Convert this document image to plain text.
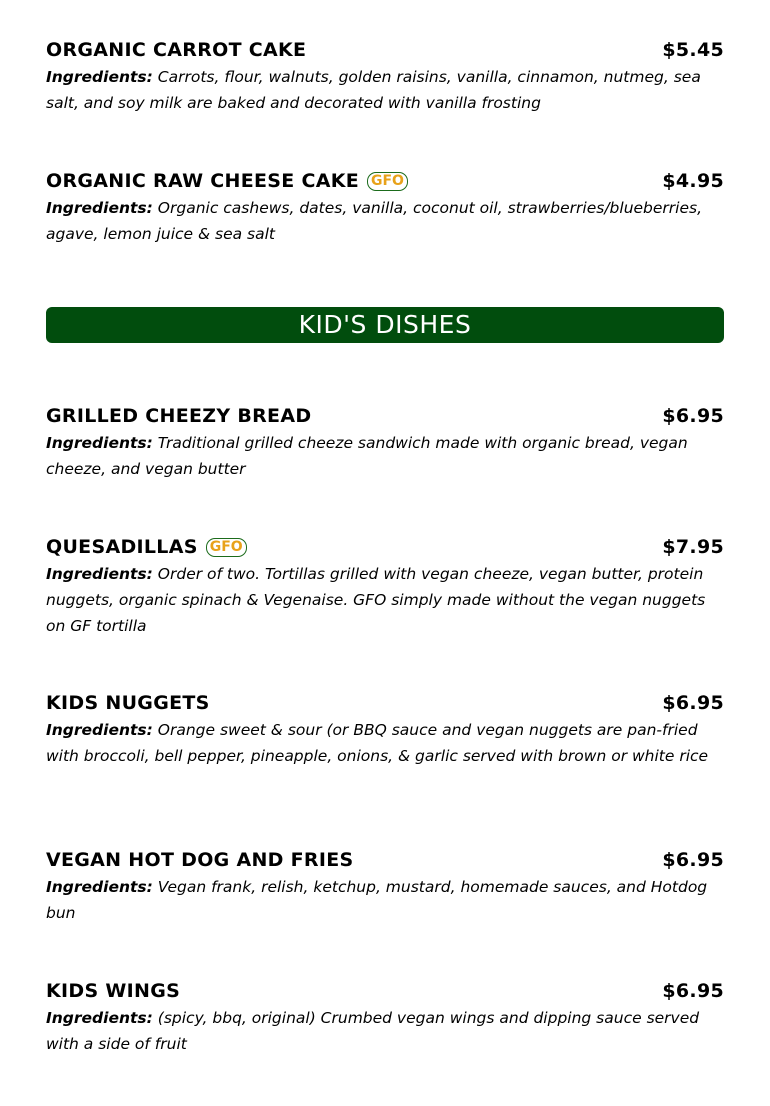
ORGANIC CARROT CAKE	$5.45
Ingredients: Carrots, flour, walnuts, golden raisins, vanilla, cinnamon, nutmeg, sea salt, and soy milk are baked and decorated with vanilla frosting
ORGANIC RAW CHEESE CAKE GFO	$4.95
Ingredients: Organic cashews, dates, vanilla, coconut oil, strawberries/blueberries, agave, lemon juice & sea salt
KID'S DISHES
GRILLED CHEEZY BREAD	$6.95
Ingredients: Traditional grilled cheeze sandwich made with organic bread, vegan cheeze, and vegan butter
QUESADILLAS GFO	$7.95
Ingredients: Order of two. Tortillas grilled with vegan cheeze, vegan butter, protein nuggets, organic spinach & Vegenaise. GFO simply made without the vegan nuggets on GF tortilla
KIDS NUGGETS	$6.95
Ingredients: Orange sweet & sour (or BBQ sauce and vegan nuggets are pan-fried with broccoli, bell pepper, pineapple, onions, & garlic served with brown or white rice
VEGAN HOT DOG AND FRIES	$6.95
Ingredients: Vegan frank, relish, ketchup, mustard, homemade sauces, and Hotdog bun
KIDS WINGS	$6.95
Ingredients: (spicy, bbq, original) Crumbed vegan wings and dipping sauce served with a side of fruit
